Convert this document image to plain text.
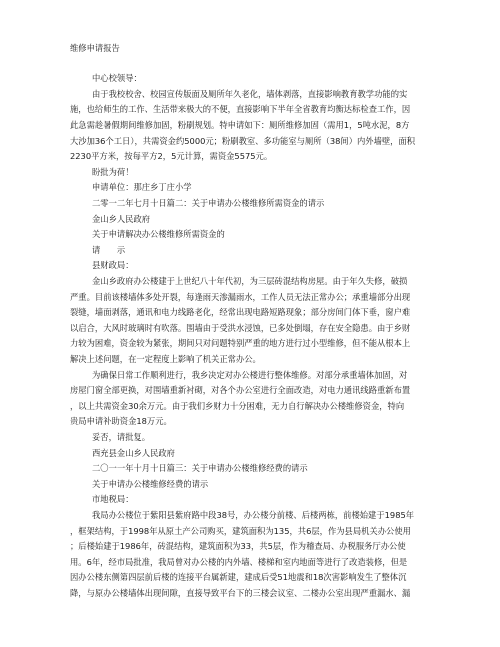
维修申请报告
中心校领导：
由于我校校舍、校园宣传版面及厕所年久老化，墙体剥落，直接影响教育教学功能的实
施，也给师生的工作、生活带来极大的不便，直接影响下半年全省教育均衡达标检查工作，因
此急需趁暑假期间维修加固，粉刷规划。特申请如下：厕所维修加固（需用1，5吨水泥，8方
大沙加36个工日），共需资金约5000元；粉刷教室、多功能室与厕所（38间）内外墙壁，面积
2230平方米，按每平方2，5元计算，需资金5575元。
盼批为荷！
申请单位：那庄乡丁庄小学
二零一二年七月十日篇二：关于申请办公楼维修所需资金的请示
金山乡人民政府
关于申请解决办公楼维修所需资金的
请　　示
县财政局：
金山乡政府办公楼建于上世纪八十年代初，为三层砖混结构房屋。由于年久失修，破损
严重。目前该楼墙体多处开裂，每逢雨天渗漏雨水，工作人员无法正常办公；承重墙部分出现
裂缝，墙面剥落，通讯和电力线路老化，经常出现电路短路现象；部分房间门体下垂，窗户难
以启合，大风时玻璃时有吹落。围墙由于受洪水浸蚀，已多处倒塌，存在安全隐患。由于乡财
力较为困难，资金较为紧张，期间只对问题特别严重的地方进行过小型维修，但不能从根本上
解决上述问题，在一定程度上影响了机关正常办公。
为确保日常工作顺利进行，我乡决定对办公楼进行整体维修。对部分承重墙体加固，对
房屋门窗全部更换，对围墙重新衬砌，对各个办公室进行全面改造，对电力通讯线路重新布置
，以上共需资金30余万元。由于我们乡财力十分困难，无力自行解决办公楼维修资金，特向
贵局申请补助资金18万元。
妥否，请批复。
西充县金山乡人民政府
二〇一一年十月十日篇三：关于申请办公楼维修经费的请示
关于申请办公楼维修经费的请示
市地税局：
我局办公楼位于紫阳县紫府路中段38号，办公楼分前楼、后楼两栋，前楼始建于1985年
，框架结构，于1998年从原土产公司购买，建筑面积为135，共6层，作为县局机关办公使用
；后楼始建于1986年，砖混结构，建筑面积为33，共5层，作为稽查局、办税服务厅办公使
用。6年，经市局批准，我局曾对办公楼的内外墙、楼梯和室内地面等进行了改造装修，但是
因办公楼东侧第四层前后楼的连接平台属新建，建成后受51地震和18次害影响发生了整体沉
降，与原办公楼墙体出现间隙，直接导致平台下的三楼会议室、二楼办公室出现严重漏水、漏
